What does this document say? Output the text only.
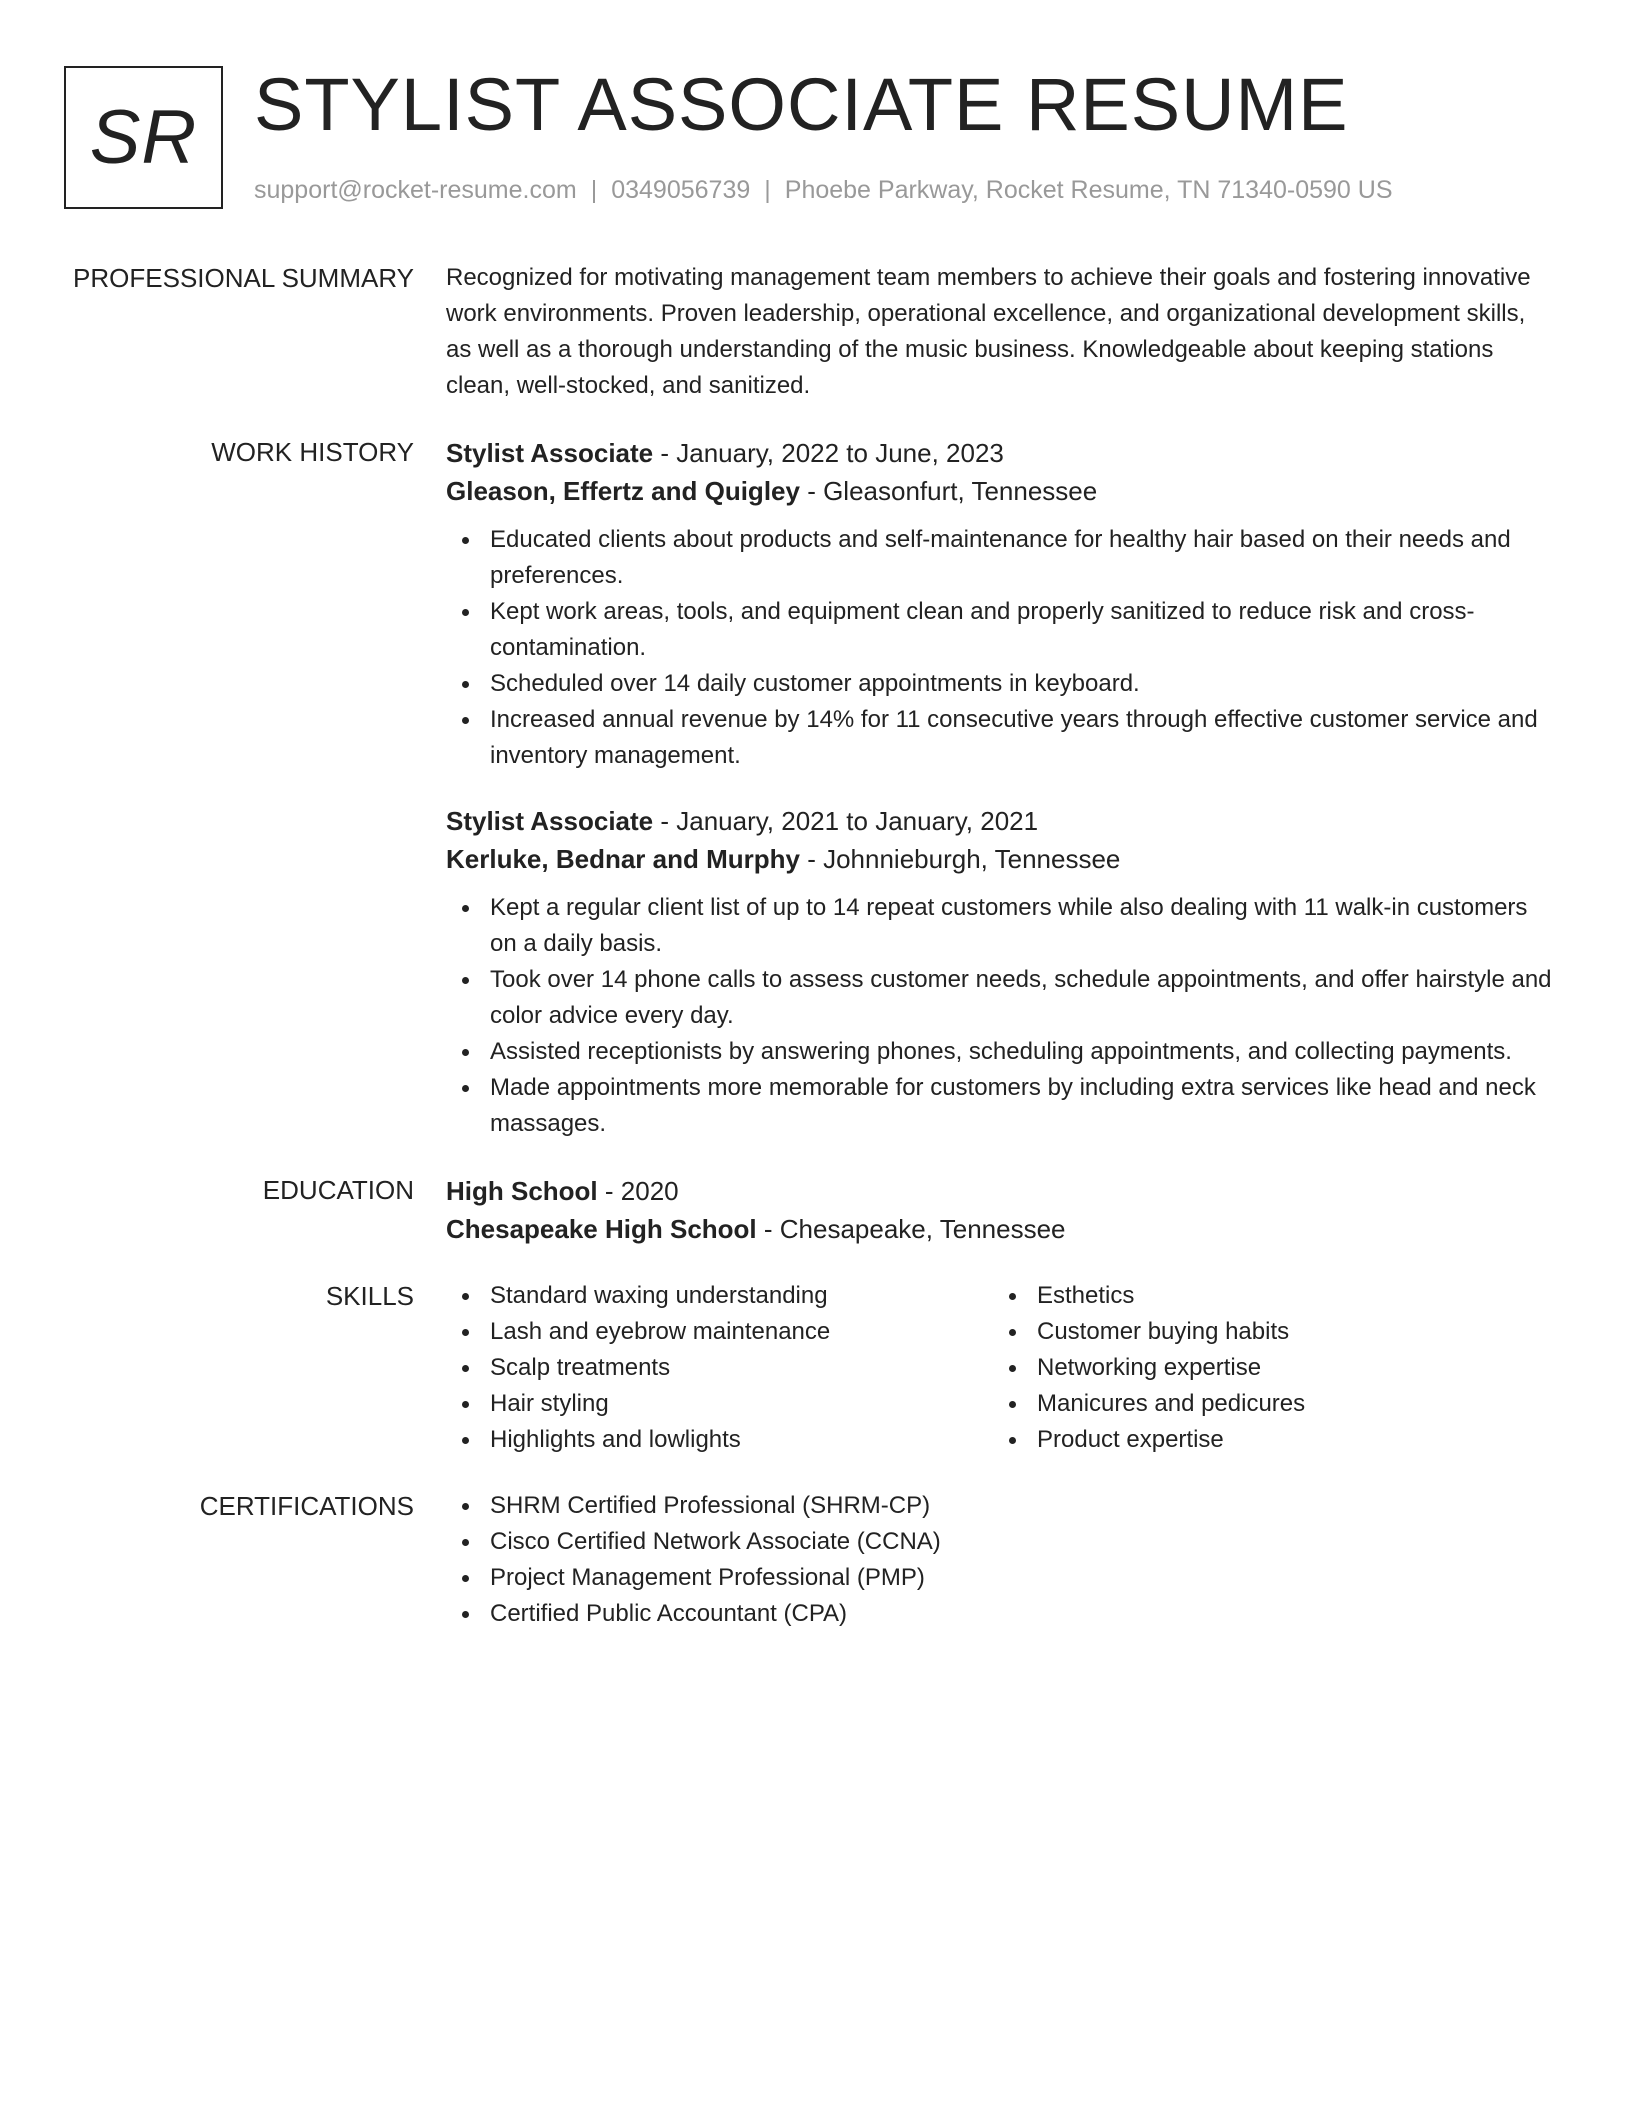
SR STYLIST ASSOCIATE RESUME
support@rocket-resume.com | 0349056739 | Phoebe Parkway, Rocket Resume, TN 71340-0590 US
PROFESSIONAL SUMMARY Recognized for motivating management team members to achieve their goals and fostering innovative work environments. Proven leadership, operational excellence, and organizational development skills, as well as a thorough understanding of the music business. Knowledgeable about keeping stations clean, well-stocked, and sanitized.
WORK HISTORY Stylist Associate - January, 2022 to June, 2023
Gleason, Effertz and Quigley - Gleasonfurt, Tennessee
Educated clients about products and self-maintenance for healthy hair based on their needs and preferences.
Kept work areas, tools, and equipment clean and properly sanitized to reduce risk and cross-contamination.
Scheduled over 14 daily customer appointments in keyboard.
Increased annual revenue by 14% for 11 consecutive years through effective customer service and inventory management.
Stylist Associate - January, 2021 to January, 2021
Kerluke, Bednar and Murphy - Johnnieburgh, Tennessee
Kept a regular client list of up to 14 repeat customers while also dealing with 11 walk-in customers on a daily basis.
Took over 14 phone calls to assess customer needs, schedule appointments, and offer hairstyle and color advice every day.
Assisted receptionists by answering phones, scheduling appointments, and collecting payments.
Made appointments more memorable for customers by including extra services like head and neck massages.
EDUCATION High School - 2020
Chesapeake High School - Chesapeake, Tennessee
SKILLS	Standard waxing understanding
Lash and eyebrow maintenance
Scalp treatments
Hair styling
Highlights and lowlights
Esthetics
Customer buying habits
Networking expertise
Manicures and pedicures
Product expertise
CERTIFICATIONS	SHRM Certified Professional (SHRM-CP)
Cisco Certified Network Associate (CCNA)
Project Management Professional (PMP)
Certified Public Accountant (CPA)
